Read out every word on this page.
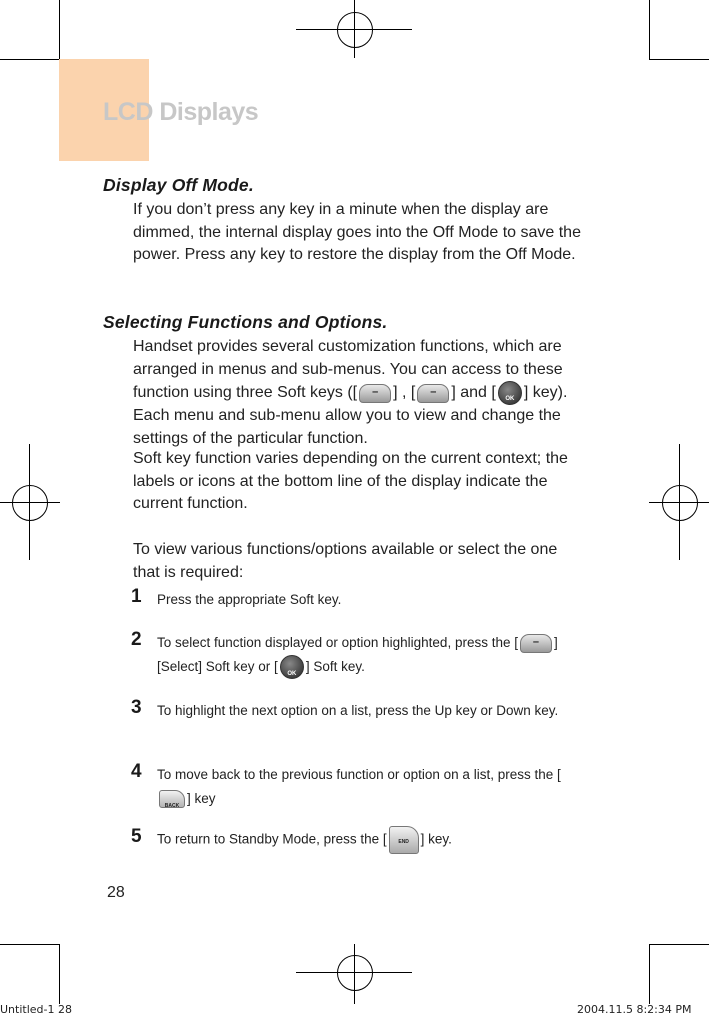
LCD Displays
Display Off Mode.
If you don’t press any key in a minute when the display are dimmed, the internal display goes into the Off Mode to save the power. Press any key to restore the display from the Off Mode.
Selecting Functions and Options.
Handset provides several customization functions, which are arranged in menus and sub-menus. You can access to these function using three Soft keys ([ – ] , [ – ] and [	OK ] key). Each menu and sub-menu allow you to view and change the settings of the particular function.
Soft key function varies depending on the current context; the labels or icons at the bottom line of the display indicate the current function.
To view various functions/options available or select the one that is required:
1 Press the appropriate Soft key.
2 To select function displayed or option highlighted, press the [–	] [Select] Soft key or [
OK
] Soft key.
3 To highlight the next option on a list, press the Up key or Down key.
4 To move back to the previous function or option on a list, press the [
BACK
] key
5 To return to Standby Mode, press the [	END ] key.
28
Untitled-1 28	2004.11.5 8:2:34 PM
